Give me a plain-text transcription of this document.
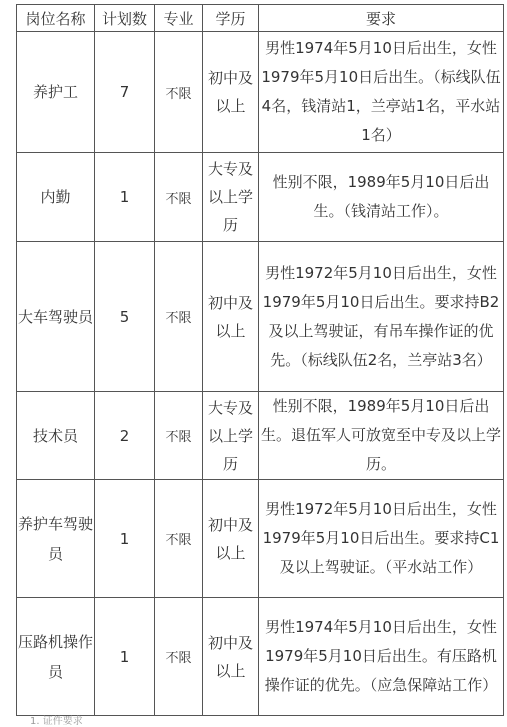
岗位名称	计划数	专业	学历	要求
养护工	7	不限	初中及以上	男性1974年5月10日后出生，女性1979年5月10日后出生。（标线队伍4名，钱清站1，兰亭站1名，平水站1名）
内勤	1	不限	大专及以上学历	性别不限，1989年5月10日后出生。（钱清站工作）。
大车驾驶员	5	不限	初中及以上	男性1972年5月10日后出生，女性1979年5月10日后出生。要求持B2及以上驾驶证，有吊车操作证的优先。（标线队伍2名，兰亭站3名）
技术员	2	不限	大专及以上学历	性别不限，1989年5月10日后出生。退伍军人可放宽至中专及以上学历。
养护车驾驶员	1	不限	初中及以上	男性1972年5月10日后出生，女性1979年5月10日后出生。要求持C1及以上驾驶证。（平水站工作）
压路机操作员	1	不限	初中及以上	男性1974年5月10日后出生，女性1979年5月10日后出生。有压路机操作证的优先。（应急保障站工作）
1. 证件要求
